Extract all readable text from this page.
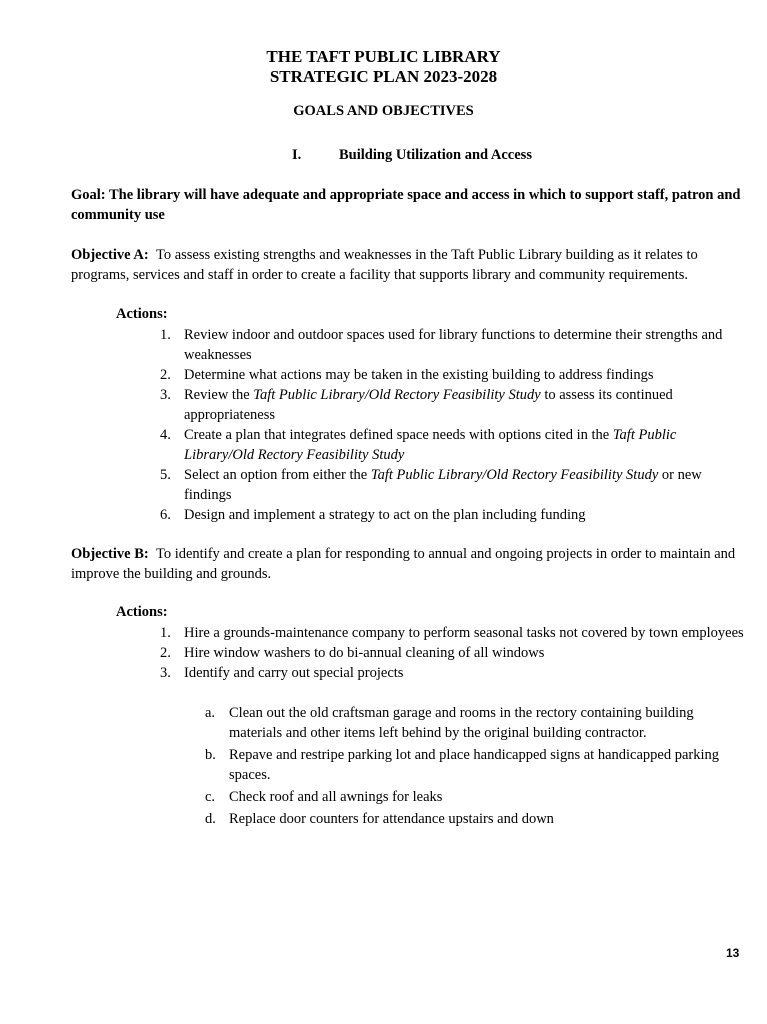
THE TAFT PUBLIC LIBRARY
STRATEGIC PLAN 2023-2028
GOALS AND OBJECTIVES
I.	Building Utilization and Access
Goal: The library will have adequate and appropriate space and access in which to support staff, patron and community use
Objective A: To assess existing strengths and weaknesses in the Taft Public Library building as it relates to programs, services and staff in order to create a facility that supports library and community requirements.
Actions:
1. Review indoor and outdoor spaces used for library functions to determine their strengths and weaknesses
2. Determine what actions may be taken in the existing building to address findings
3. Review the Taft Public Library/Old Rectory Feasibility Study to assess its continued appropriateness
4. Create a plan that integrates defined space needs with options cited in the Taft Public Library/Old Rectory Feasibility Study
5. Select an option from either the Taft Public Library/Old Rectory Feasibility Study or new findings
6. Design and implement a strategy to act on the plan including funding
Objective B: To identify and create a plan for responding to annual and ongoing projects in order to maintain and improve the building and grounds.
Actions:
1. Hire a grounds-maintenance company to perform seasonal tasks not covered by town employees
2. Hire window washers to do bi-annual cleaning of all windows
3. Identify and carry out special projects
a. Clean out the old craftsman garage and rooms in the rectory containing building materials and other items left behind by the original building contractor.
b. Repave and restripe parking lot and place handicapped signs at handicapped parking spaces.
c. Check roof and all awnings for leaks
d. Replace door counters for attendance upstairs and down
13
